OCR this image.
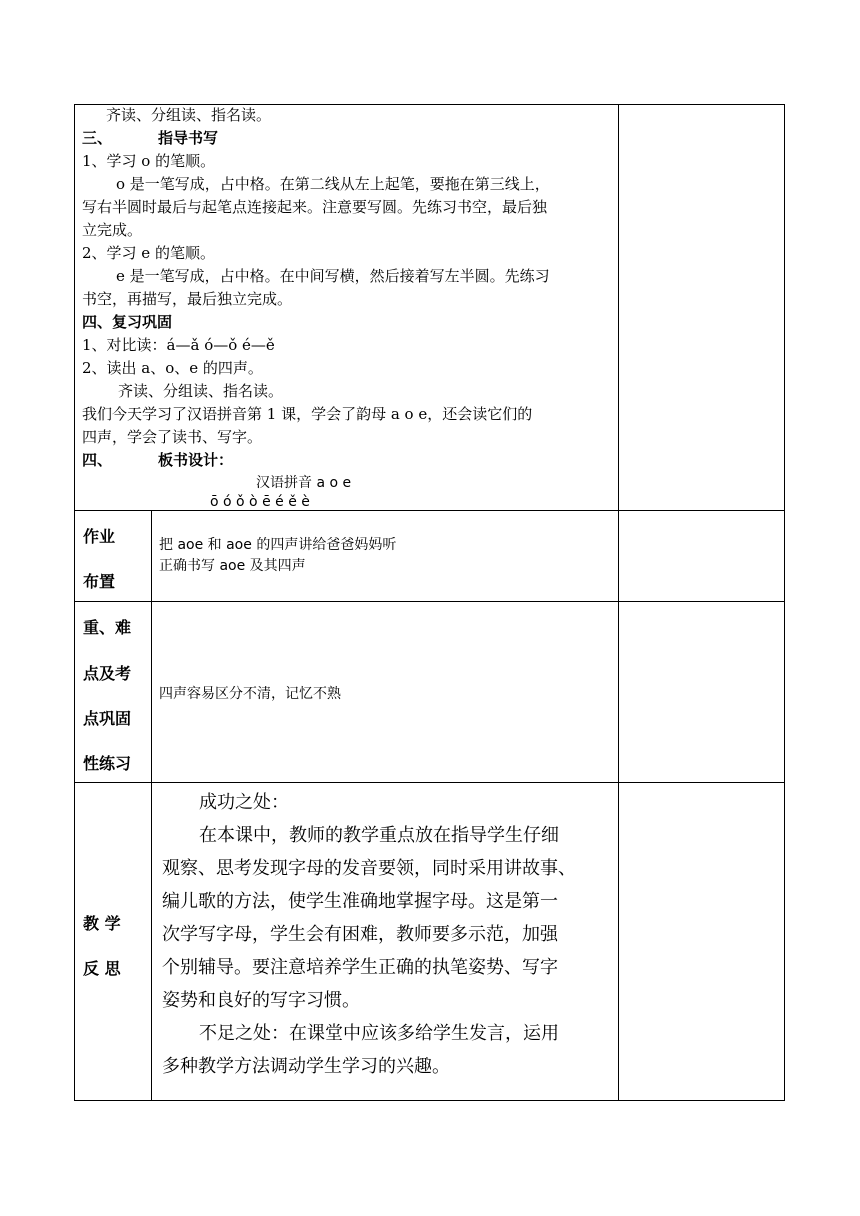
齐读、分组读、指名读。
三、	指导书写
1、学习 o 的笔顺。
o 是一笔写成，占中格。在第二线从左上起笔，要拖在第三线上，
写右半圆时最后与起笔点连接起来。注意要写圆。先练习书空，最后独
立完成。
2、学习 e 的笔顺。
e 是一笔写成，占中格。在中间写横，然后接着写左半圆。先练习
书空，再描写，最后独立完成。
四、复习巩固
1、对比读：á—ǎ ó—ǒ é—ě
2、读出 a、o、e 的四声。
齐读、分组读、指名读。
我们今天学习了汉语拼音第 1 课，学会了韵母 a o e，还会读它们的
四声，学会了读书、写字。
四、	板书设计：
汉语拼音 a o e
ō ó ǒ ò ē é ě è
作业
布置
把 aoe 和 aoe 的四声讲给爸爸妈妈听
正确书写 aoe 及其四声
重、难
点及考
点巩固
性练习
四声容易区分不清，记忆不熟
教 学
反 思
成功之处：
在本课中，教师的教学重点放在指导学生仔细
观察、思考发现字母的发音要领，同时采用讲故事、
编儿歌的方法，使学生准确地掌握字母。这是第一
次学写字母，学生会有困难，教师要多示范，加强
个别辅导。要注意培养学生正确的执笔姿势、写字
姿势和良好的写字习惯。
不足之处：在课堂中应该多给学生发言，运用
多种教学方法调动学生学习的兴趣。
